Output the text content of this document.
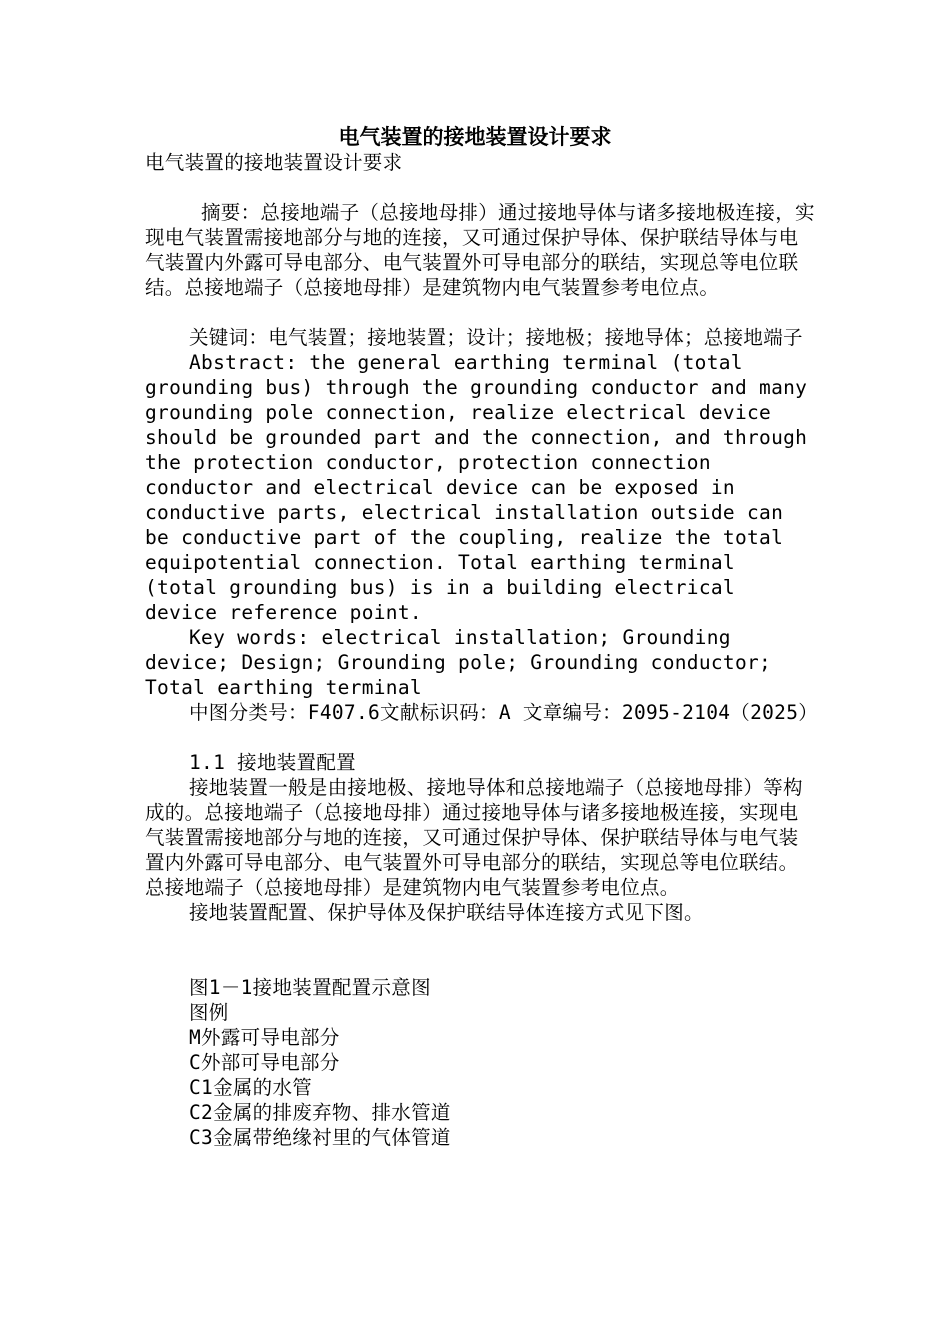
电气装置的接地装置设计要求

电气装置的接地装置设计要求

摘要：总接地端子（总接地母排）通过接地导体与诸多接地极连接，实现电气装置需接地部分与地的连接，又可通过保护导体、保护联结导体与电气装置内外露可导电部分、电气装置外可导电部分的联结，实现总等电位联结。总接地端子（总接地母排）是建筑物内电气装置参考电位点。

关键词：电气装置；接地装置；设计；接地极；接地导体；总接地端子

Abstract: the general earthing terminal (total grounding bus) through the grounding conductor and many grounding pole connection, realize electrical device should be grounded part and the connection, and through the protection conductor, protection connection conductor and electrical device can be exposed in conductive parts, electrical installation outside can be conductive part of the coupling, realize the total equipotential connection. Total earthing terminal (total grounding bus) is in a building electrical device reference point.

Key words: electrical installation; Grounding device; Design; Grounding pole; Grounding conductor; Total earthing terminal

中图分类号：F407.6文献标识码：A 文章编号：2095-2104（2025）

1.1 接地装置配置

接地装置一般是由接地极、接地导体和总接地端子（总接地母排）等构成的。总接地端子（总接地母排）通过接地导体与诸多接地极连接，实现电气装置需接地部分与地的连接，又可通过保护导体、保护联结导体与电气装置内外露可导电部分、电气装置外可导电部分的联结，实现总等电位联结。总接地端子（总接地母排）是建筑物内电气装置参考电位点。

接地装置配置、保护导体及保护联结导体连接方式见下图。

图1－1接地装置配置示意图

图例

M外露可导电部分

C外部可导电部分

C1金属的水管

C2金属的排废弃物、排水管道

C3金属带绝缘衬里的气体管道
